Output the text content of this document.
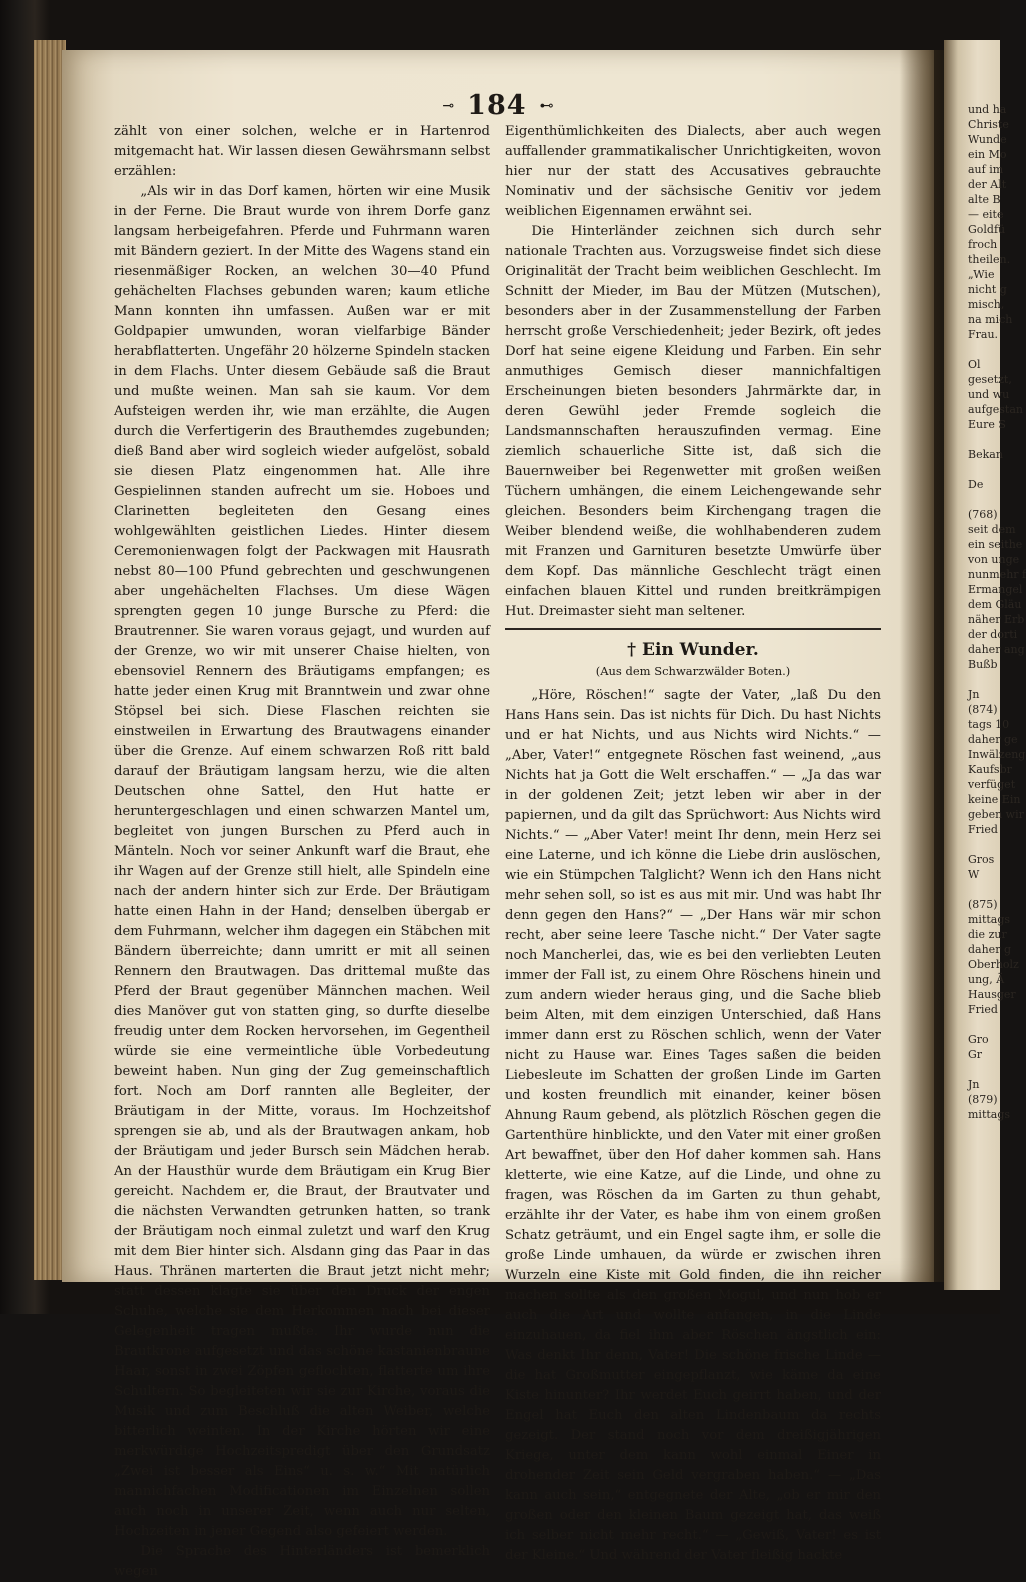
und ha
Christe
Wunde
ein Mo
auf im
der Alt
alte B
— eite
Goldfü
froch
theilen.
„Wie
nicht g
misch,
na mich
Frau.

Ol
gesetzt,
und wu
aufgestan
Eure S

Bekan

De

(768)
seit dem
ein seithe
von unge
nunmehr f
Ermangel
dem Gläu
näher Erb
der dorti
daher ang
Bußb

Jn
(874)
tags 10
daher ge
Inwälzeng
Kaufsbr
verfüget
keine Ein
geben wir
Fried

Gros
W

(875)
mittags
die zur
daher g
Oberholz
ung, Ä
Hausger
Fried

Gro
Gr

Jn
(879)
mittags
⊸ 184 ⊷

zählt von einer solchen, welche er in Hartenrod mitgemacht hat. Wir lassen diesen Gewährsmann selbst erzählen:

„Als wir in das Dorf kamen, hörten wir eine Musik in der Ferne. Die Braut wurde von ihrem Dorfe ganz langsam herbeigefahren. Pferde und Fuhrmann waren mit Bändern geziert. In der Mitte des Wagens stand ein riesenmäßiger Rocken, an welchen 30—40 Pfund gehächelten Flachses gebunden waren; kaum etliche Mann konnten ihn umfassen. Außen war er mit Goldpapier umwunden, woran vielfarbige Bänder herabflatterten. Ungefähr 20 hölzerne Spindeln stacken in dem Flachs. Unter diesem Gebäude saß die Braut und mußte weinen. Man sah sie kaum. Vor dem Aufsteigen werden ihr, wie man erzählte, die Augen durch die Verfertigerin des Brauthemdes zugebunden; dieß Band aber wird sogleich wieder aufgelöst, sobald sie diesen Platz eingenommen hat. Alle ihre Gespielinnen standen aufrecht um sie. Hoboes und Clarinetten begleiteten den Gesang eines wohlgewählten geistlichen Liedes. Hinter diesem Ceremonienwagen folgt der Packwagen mit Hausrath nebst 80—100 Pfund gebrechten und geschwungenen aber ungehächelten Flachses. Um diese Wägen sprengten gegen 10 junge Bursche zu Pferd: die Brautrenner. Sie waren voraus gejagt, und wurden auf der Grenze, wo wir mit unserer Chaise hielten, von ebensoviel Rennern des Bräutigams empfangen; es hatte jeder einen Krug mit Branntwein und zwar ohne Stöpsel bei sich. Diese Flaschen reichten sie einstweilen in Erwartung des Brautwagens einander über die Grenze. Auf einem schwarzen Roß ritt bald darauf der Bräutigam langsam herzu, wie die alten Deutschen ohne Sattel, den Hut hatte er heruntergeschlagen und einen schwarzen Mantel um, begleitet von jungen Burschen zu Pferd auch in Mänteln. Noch vor seiner Ankunft warf die Braut, ehe ihr Wagen auf der Grenze still hielt, alle Spindeln eine nach der andern hinter sich zur Erde. Der Bräutigam hatte einen Hahn in der Hand; denselben übergab er dem Fuhrmann, welcher ihm dagegen ein Stäbchen mit Bändern überreichte; dann umritt er mit all seinen Rennern den Brautwagen. Das drittemal mußte das Pferd der Braut gegenüber Männchen machen. Weil dies Manöver gut von statten ging, so durfte dieselbe freudig unter dem Rocken hervorsehen, im Gegentheil würde sie eine vermeintliche üble Vorbedeutung beweint haben. Nun ging der Zug gemeinschaftlich fort. Noch am Dorf rannten alle Begleiter, der Bräutigam in der Mitte, voraus. Im Hochzeitshof sprengen sie ab, und als der Brautwagen ankam, hob der Bräutigam und jeder Bursch sein Mädchen herab. An der Hausthür wurde dem Bräutigam ein Krug Bier gereicht. Nachdem er, die Braut, der Brautvater und die nächsten Verwandten getrunken hatten, so trank der Bräutigam noch einmal zuletzt und warf den Krug mit dem Bier hinter sich. Alsdann ging das Paar in das Haus. Thränen marterten die Braut jetzt nicht mehr; statt dessen klagte sie über den Druck der engen Schuhe, welche sie dem Herkommen nach bei dieser Gelegenheit tragen mußte. Ihr wurde nun die Brautkrone aufgesetzt und das schöne kastanienbraune Haar, sonst in zwei Zöpfen geflochten, flatterte um ihre Schultern. So begleiteten wir sie zur Kirche, voraus die Musik und zum Beschluß die alten Weiber, welche bitterlich weinten. In der Kirche hörten wir eine merkwürdige Hochzeitspredigt über den Grundsatz „Zwei ist besser als Eins“ u. s. w.“ Mit natürlich mannichfachen Modificationen im Einzelnen sollen auch noch in unserer Zeit, wenn auch nur selten, Hochzeiten in jener Gegend also gefeiert werden.

Die Sprache des Hinterländers ist bemerklich wegen

Eigenthümlichkeiten des Dialects, aber auch wegen auffallender grammatikalischer Unrichtigkeiten, wovon hier nur der statt des Accusatives gebrauchte Nominativ und der sächsische Genitiv vor jedem weiblichen Eigennamen erwähnt sei.

Die Hinterländer zeichnen sich durch sehr nationale Trachten aus. Vorzugsweise findet sich diese Originalität der Tracht beim weiblichen Geschlecht. Im Schnitt der Mieder, im Bau der Mützen (Mutschen), besonders aber in der Zusammenstellung der Farben herrscht große Verschiedenheit; jeder Bezirk, oft jedes Dorf hat seine eigene Kleidung und Farben. Ein sehr anmuthiges Gemisch dieser mannichfaltigen Erscheinungen bieten besonders Jahrmärkte dar, in deren Gewühl jeder Fremde sogleich die Landsmannschaften herauszufinden vermag. Eine ziemlich schauerliche Sitte ist, daß sich die Bauernweiber bei Regenwetter mit großen weißen Tüchern umhängen, die einem Leichengewande sehr gleichen. Besonders beim Kirchengang tragen die Weiber blendend weiße, die wohlhabenderen zudem mit Franzen und Garnituren besetzte Umwürfe über dem Kopf. Das männliche Geschlecht trägt einen einfachen blauen Kittel und runden breitkrämpigen Hut. Dreimaster sieht man seltener.

† Ein Wunder.
(Aus dem Schwarzwälder Boten.)

„Höre, Röschen!“ sagte der Vater, „laß Du den Hans Hans sein. Das ist nichts für Dich. Du hast Nichts und er hat Nichts, und aus Nichts wird Nichts.“ — „Aber, Vater!“ entgegnete Röschen fast weinend, „aus Nichts hat ja Gott die Welt erschaffen.“ — „Ja das war in der goldenen Zeit; jetzt leben wir aber in der papiernen, und da gilt das Sprüchwort: Aus Nichts wird Nichts.“ — „Aber Vater! meint Ihr denn, mein Herz sei eine Laterne, und ich könne die Liebe drin auslöschen, wie ein Stümpchen Talglicht? Wenn ich den Hans nicht mehr sehen soll, so ist es aus mit mir. Und was habt Ihr denn gegen den Hans?“ — „Der Hans wär mir schon recht, aber seine leere Tasche nicht.“ Der Vater sagte noch Mancherlei, das, wie es bei den verliebten Leuten immer der Fall ist, zu einem Ohre Röschens hinein und zum andern wieder heraus ging, und die Sache blieb beim Alten, mit dem einzigen Unterschied, daß Hans immer dann erst zu Röschen schlich, wenn der Vater nicht zu Hause war. Eines Tages saßen die beiden Liebesleute im Schatten der großen Linde im Garten und kosten freundlich mit einander, keiner bösen Ahnung Raum gebend, als plötzlich Röschen gegen die Gartenthüre hinblickte, und den Vater mit einer großen Art bewaffnet, über den Hof daher kommen sah. Hans kletterte, wie eine Katze, auf die Linde, und ohne zu fragen, was Röschen da im Garten zu thun gehabt, erzählte ihr der Vater, es habe ihm von einem großen Schatz geträumt, und ein Engel sagte ihm, er solle die große Linde umhauen, da würde er zwischen ihren Wurzeln eine Kiste mit Gold finden, die ihn reicher machen sollte als den großen Mogul, und nun hob er auch die Art und wollte anfangen, in die Linde einzuhauen, da fiel ihm aber Röschen ängstlich ein: Was denkt Ihr denn, Vater! Die schöne frische Linde — die hat Großmutter eingepflanzt, wie käme da eine Kiste hinunter? Ihr werdet Euch geirrt haben, und der Engel hat Euch den alten Lindenbaum da rechts gezeigt. Der stand noch vor dem dreißigjährigen Kriege, unter dem kann wohl einmal Einer in drohender Zeit sein Geld vergraben haben.“ — „Das kann auch sein,“ entgegnete der Alte, „ob er mir den großen oder den kleinen Baum gezeigt hat, das weiß ich selber nicht mehr recht.“ — „Gewiß, Vater! es ist der Kleine.“ Und während der Vater fleißig hackte
